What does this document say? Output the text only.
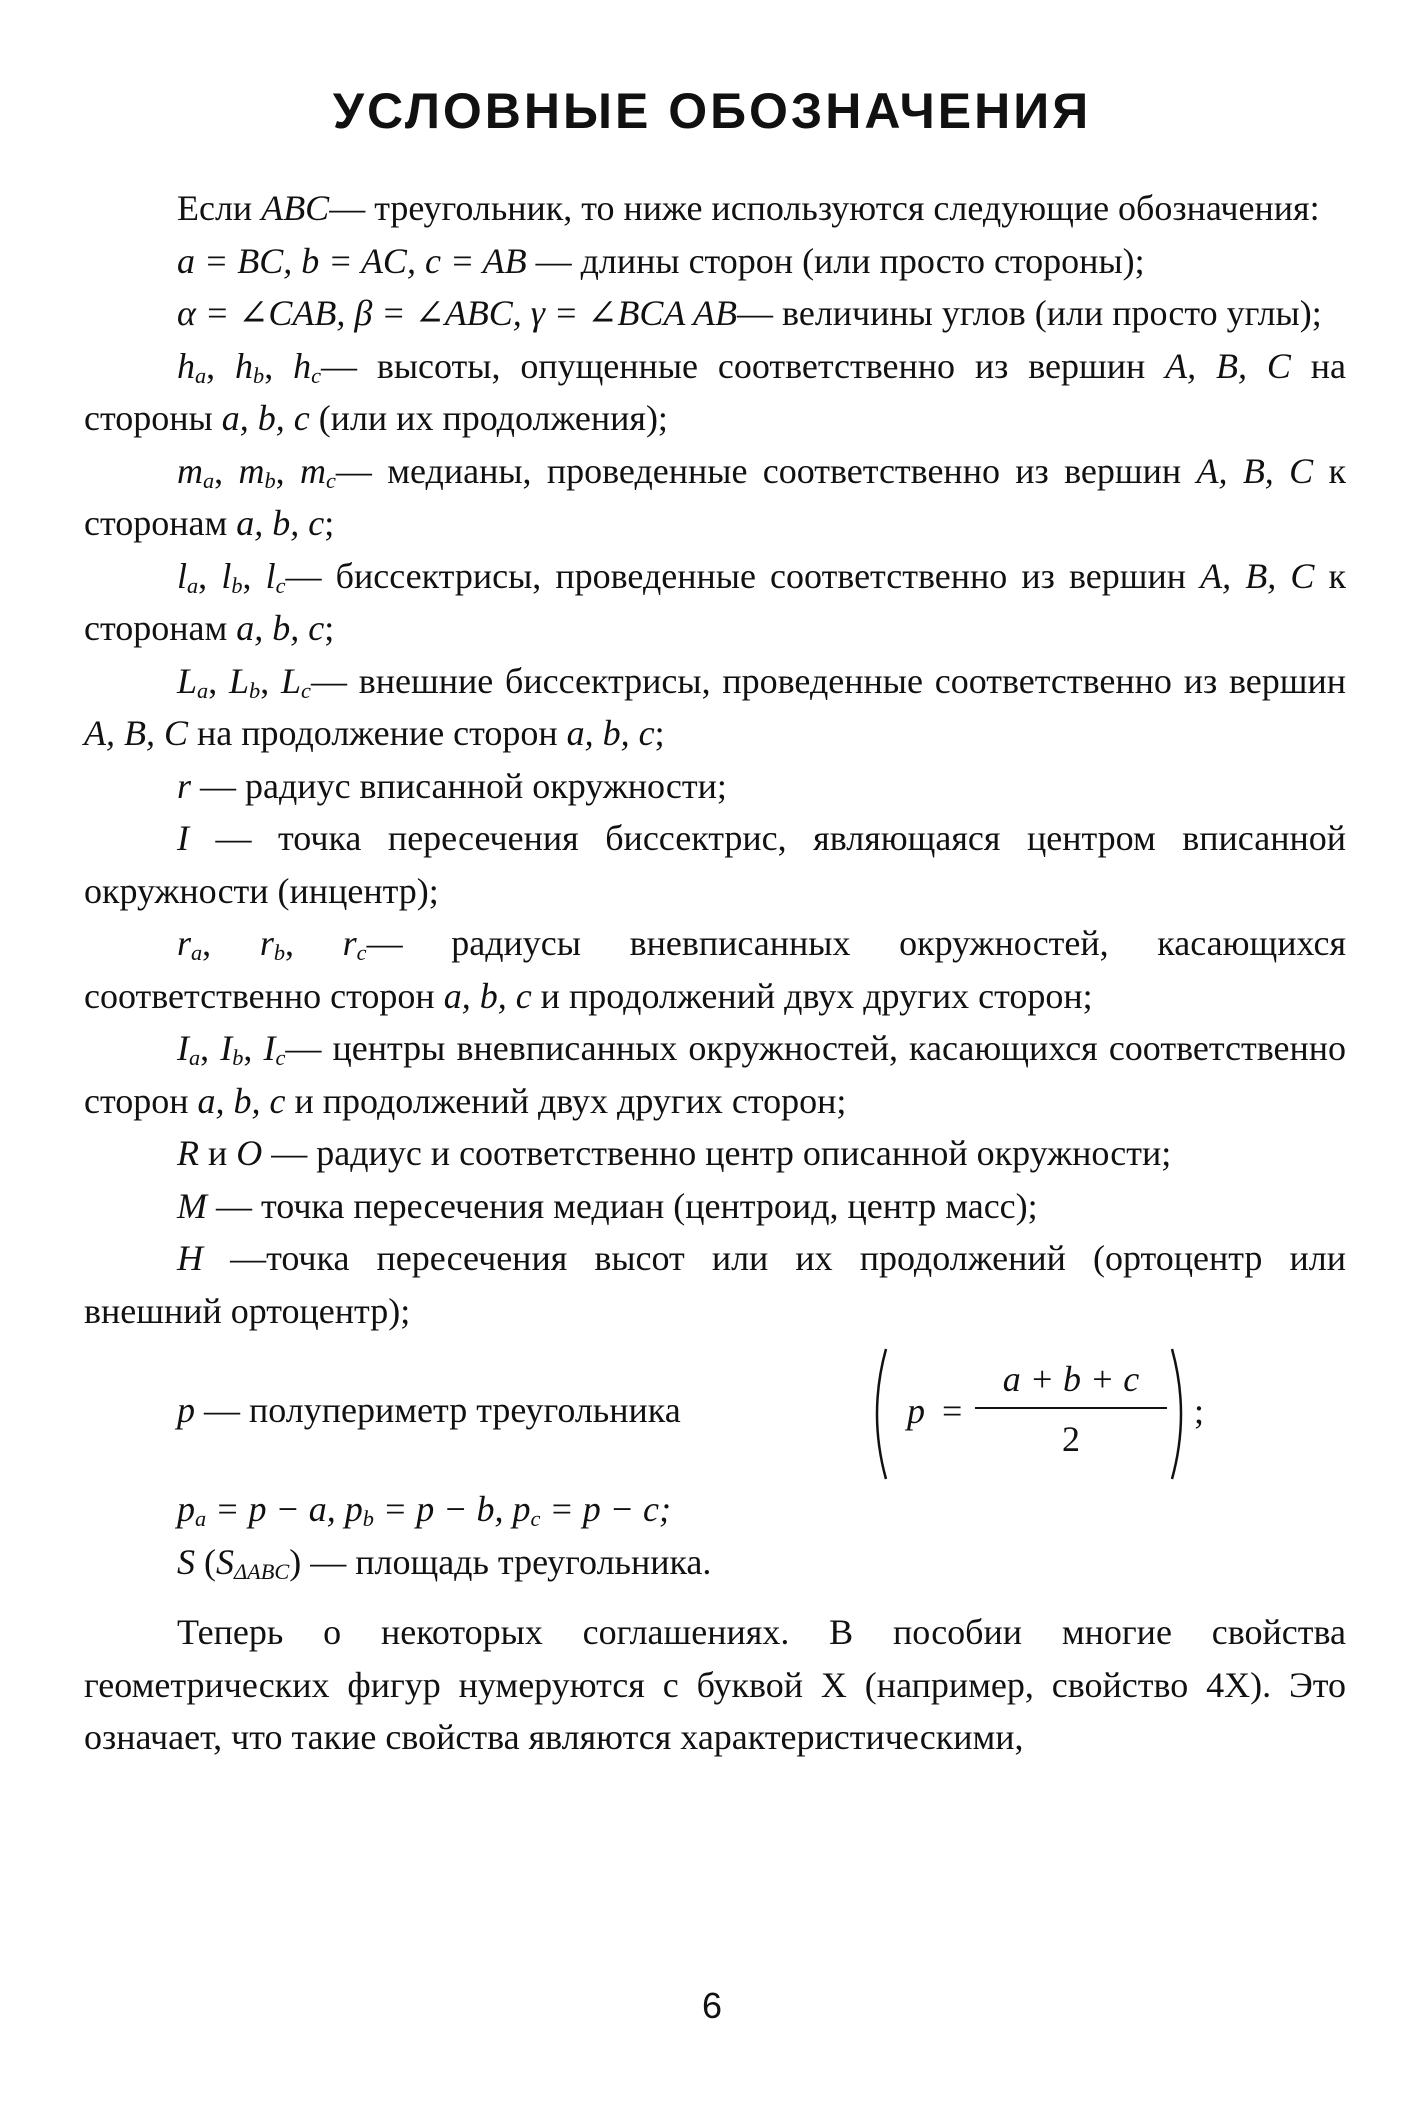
УСЛОВНЫЕ ОБОЗНАЧЕНИЯ

Если ABC— треугольник, то ниже используются следующие обозначения:

a = BC, b = AC, c = AB — длины сторон (или просто стороны);

α = ∠CAB, β = ∠ABC, γ = ∠BCA AB— величины углов (или просто углы);

$h_a$, $h_b$, $h_c—$ высоты, опущенные соответственно из вершин A, B, C на стороны a, b, c (или их продолжения);

$m_a$, $m_b$, $m_c—$ медианы, проведенные соответственно из вершин A, B, C к сторонам a, b, c;

$l_a$, $l_b$, $l_c—$ биссектрисы, проведенные соответственно из вершин A, B, C к сторонам a, b, c;

$L_a$, $L_b$, $L_c—$ внешние биссектрисы, проведенные соответственно из вершин A, B, C на продолжение сторон a, b, c;

r — радиус вписанной окружности;

I — точка пересечения биссектрис, являющаяся центром вписанной окружности (инцентр);

$r_a$, $r_b$, $r_c—$ радиусы вневписанных окружностей, касающихся соответственно сторон a, b, c и продолжений двух других сторон;

$I_a$, $I_b$, $I_c—$ центры вневписанных окружностей, касающихся соответственно сторон a, b, c и продолжений двух других сторон;

R и O — радиус и соответственно центр описанной окружности;

M — точка пересечения медиан (центроид, центр масс);

H —точка пересечения высот или их продолжений (ортоцентр или внешний ортоцентр);

p — полупериметр треугольника	p =
a + b + c
2
;

$p_a = p - a$, $p_b = p - b$, $p_c = p - c$;

S $(S_{\Delta ABC})$ — площадь треугольника.

Теперь о некоторых соглашениях. В пособии многие свойства геометрических фигур нумеруются с буквой X (например, свойство 4X). Это означает, что такие свойства являются характеристическими,

6
